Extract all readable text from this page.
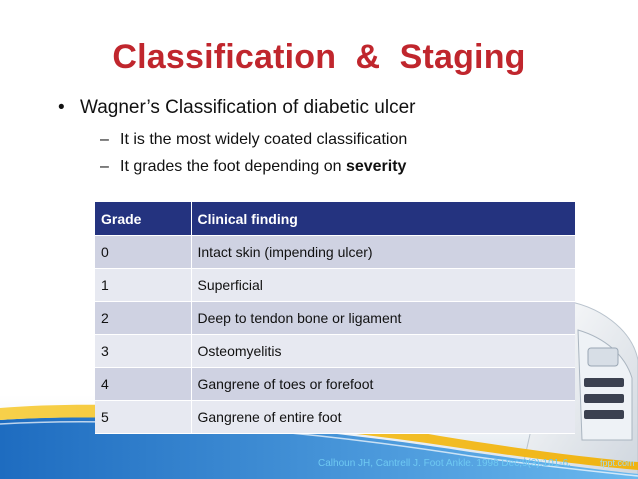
Classification  &  Staging
• Wagner’s Classification of diabetic ulcer
– It is the most widely coated classification
– It grades the foot depending on severity
Grade	Clinical finding
0	Intact skin (impending ulcer)
1	Superficial
2	Deep to tendon bone or ligament
3	Osteomyelitis
4	Gangrene of toes or forefoot
5	Gangrene of entire foot
Calhoun JH, Cantrell J. Foot Ankle. 1998 Dec;9(3):101-6.	fppt.com
